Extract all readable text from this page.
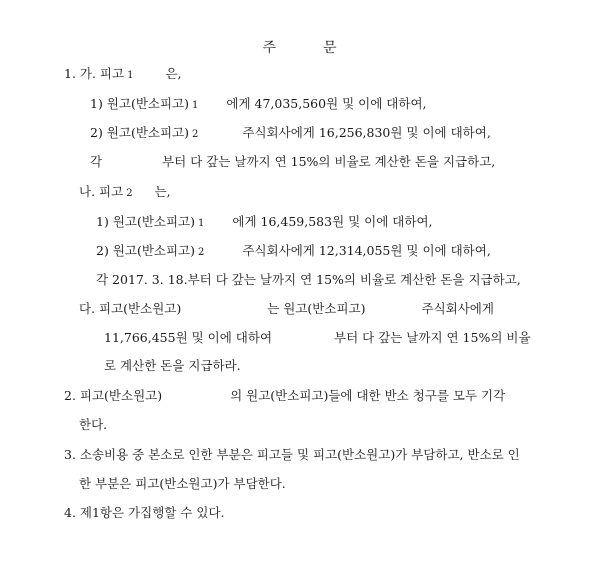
주	문
1. 가. 피고 1	은,
1) 원고(반소피고) 1 에게 47,035,560원 및 이에 대하여,
2) 원고(반소피고) 2	주식회사에게 16,256,830원 및 이에 대하여,
각	부터 다 갚는 날까지 연 15%의 비율로 계산한 돈을 지급하고,
나. 피고 2 는,
1) 원고(반소피고) 1 에게 16,459,583원 및 이에 대하여,
2) 원고(반소피고) 2	주식회사에게 12,314,055원 및 이에 대하여,
각 2017. 3. 18.부터 다 갚는 날까지 연 15%의 비율로 계산한 돈을 지급하고,
다. 피고(반소원고)	는 원고(반소피고)	주식회사에게
11,766,455원 및 이에 대하여	부터 다 갚는 날까지 연 15%의 비율
로 계산한 돈을 지급하라.
2. 피고(반소원고)	의 원고(반소피고)들에 대한 반소 청구를 모두 기각
한다.
3. 소송비용 중 본소로 인한 부분은 피고들 및 피고(반소원고)가 부담하고, 반소로 인
한 부분은 피고(반소원고)가 부담한다.
4. 제1항은 가집행할 수 있다.
